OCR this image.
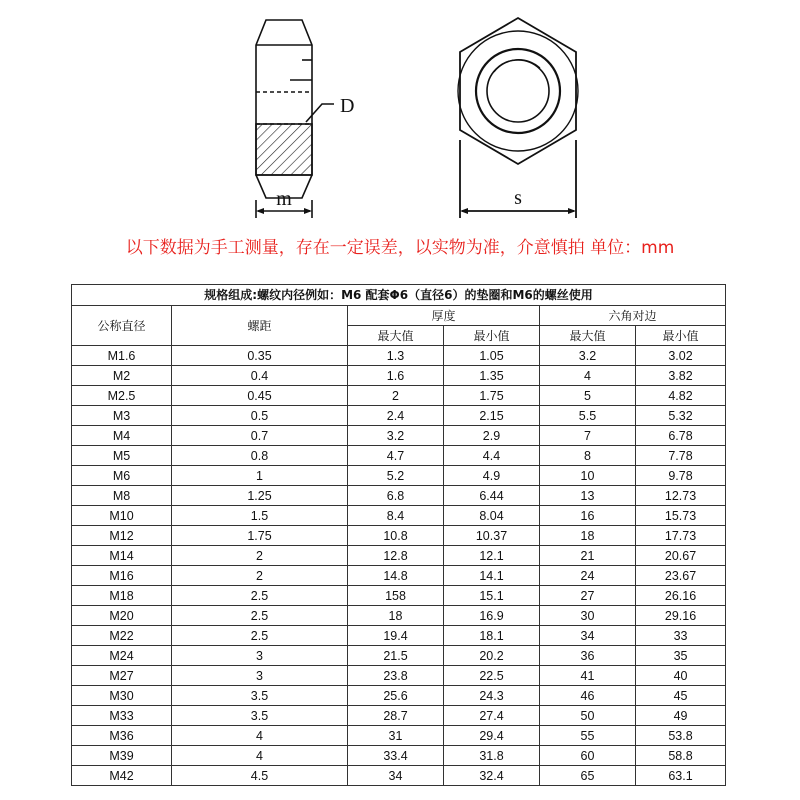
D
m	s
以下数据为手工测量，存在一定误差，以实物为准，介意慎拍 单位：mm
规格组成:螺纹内径例如：M6 配套Φ6（直径6）的垫圈和M6的螺丝使用					
公称直径	螺距	厚度		六角对边	
		最大值	最小值	最大值	最小值
M1.6	0.35	1.3	1.05	3.2	3.02
M2	0.4	1.6	1.35	4	3.82
M2.5	0.45	2	1.75	5	4.82
M3	0.5	2.4	2.15	5.5	5.32
M4	0.7	3.2	2.9	7	6.78
M5	0.8	4.7	4.4	8	7.78
M6	1	5.2	4.9	10	9.78
M8	1.25	6.8	6.44	13	12.73
M10	1.5	8.4	8.04	16	15.73
M12	1.75	10.8	10.37	18	17.73
M14	2	12.8	12.1	21	20.67
M16	2	14.8	14.1	24	23.67
M18	2.5	158	15.1	27	26.16
M20	2.5	18	16.9	30	29.16
M22	2.5	19.4	18.1	34	33
M24	3	21.5	20.2	36	35
M27	3	23.8	22.5	41	40
M30	3.5	25.6	24.3	46	45
M33	3.5	28.7	27.4	50	49
M36	4	31	29.4	55	53.8
M39	4	33.4	31.8	60	58.8
M42	4.5	34	32.4	65	63.1
